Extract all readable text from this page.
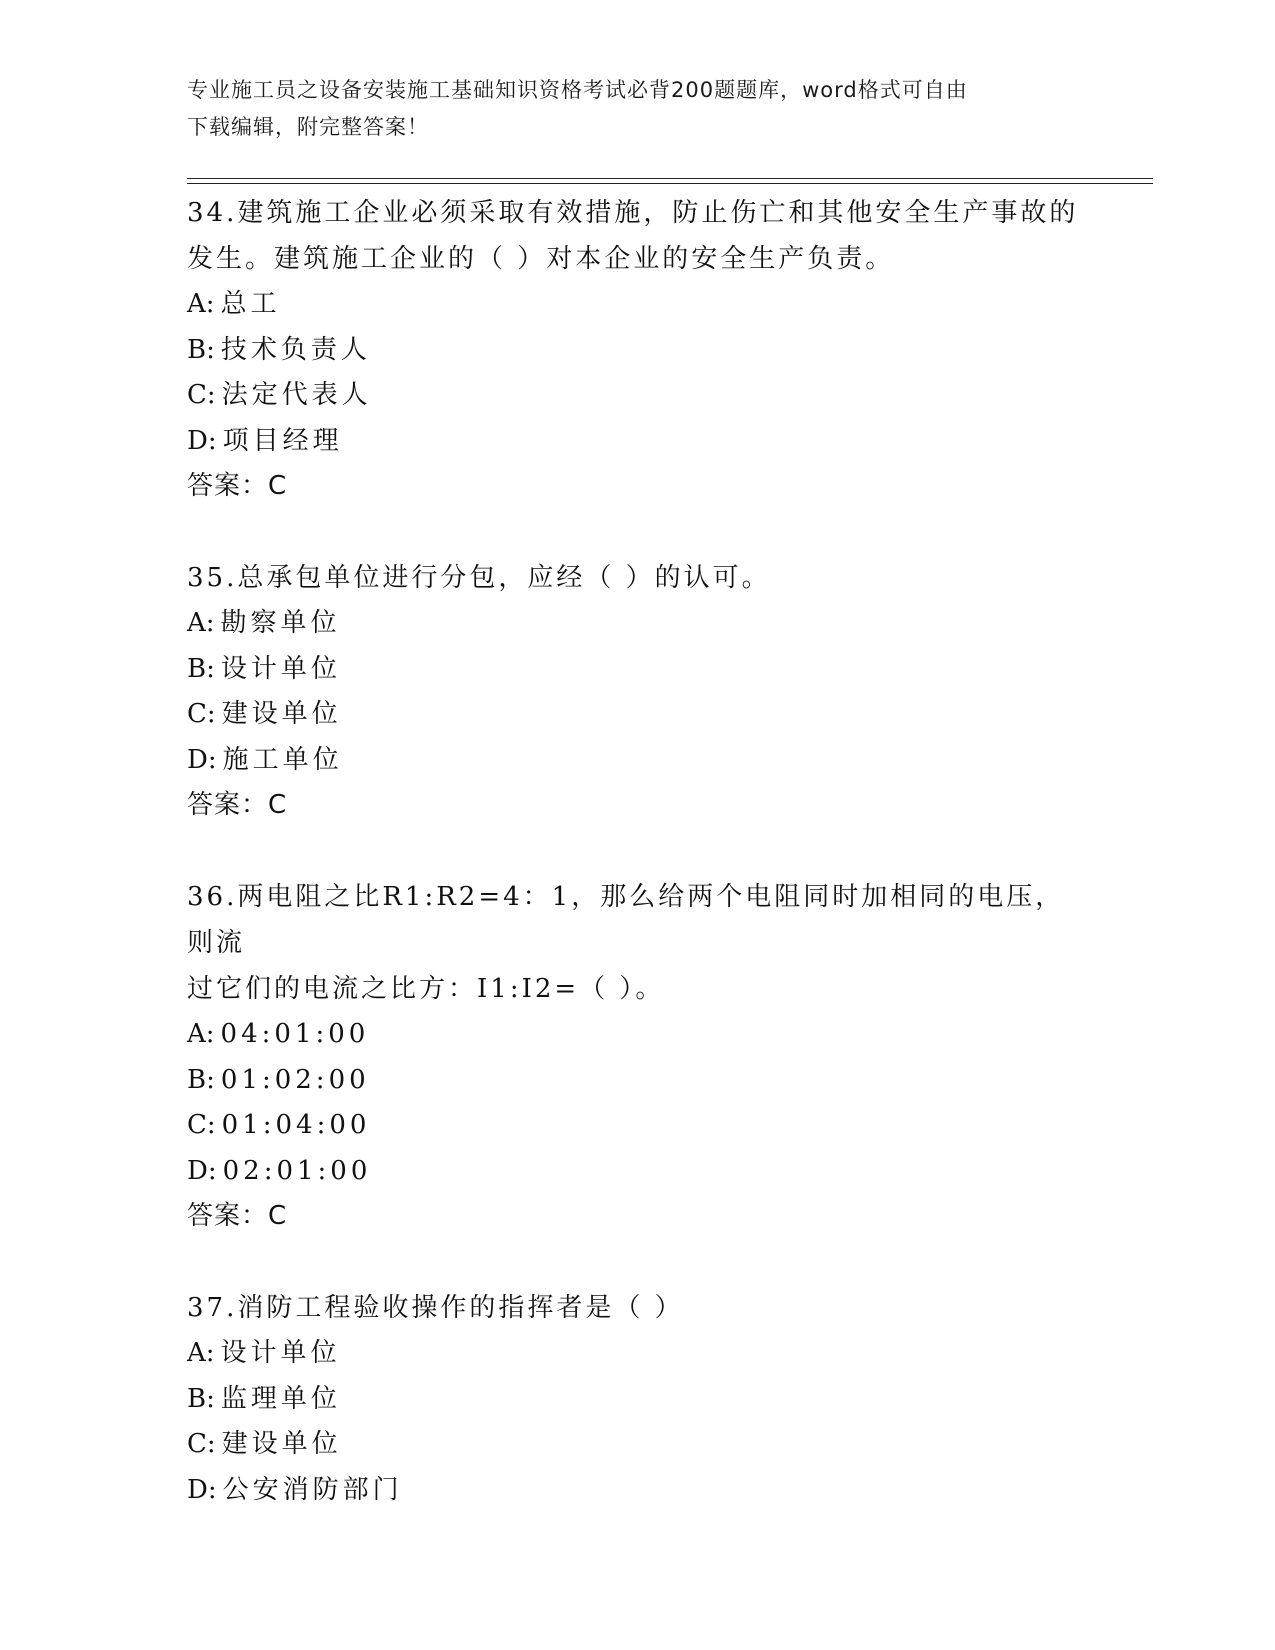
专业施工员之设备安装施工基础知识资格考试必背200题题库，word格式可自由
下载编辑，附完整答案！
34.建筑施工企业必须采取有效措施，防止伤亡和其他安全生产事故的
发生。建筑施工企业的（ ）对本企业的安全生产负责。
A: 总工
B: 技术负责人
C: 法定代表人
D: 项目经理
答案：C
35.总承包单位进行分包，应经（ ）的认可。
A: 勘察单位
B: 设计单位
C: 建设单位
D: 施工单位
答案：C
36.两电阻之比R1:R2=4：1，那么给两个电阻同时加相同的电压，则流
过它们的电流之比方：I1:I2=（ ）。
A: 04:01:00
B: 01:02:00
C: 01:04:00
D: 02:01:00
答案：C
37.消防工程验收操作的指挥者是（ ）
A: 设计单位
B: 监理单位
C: 建设单位
D: 公安消防部门
